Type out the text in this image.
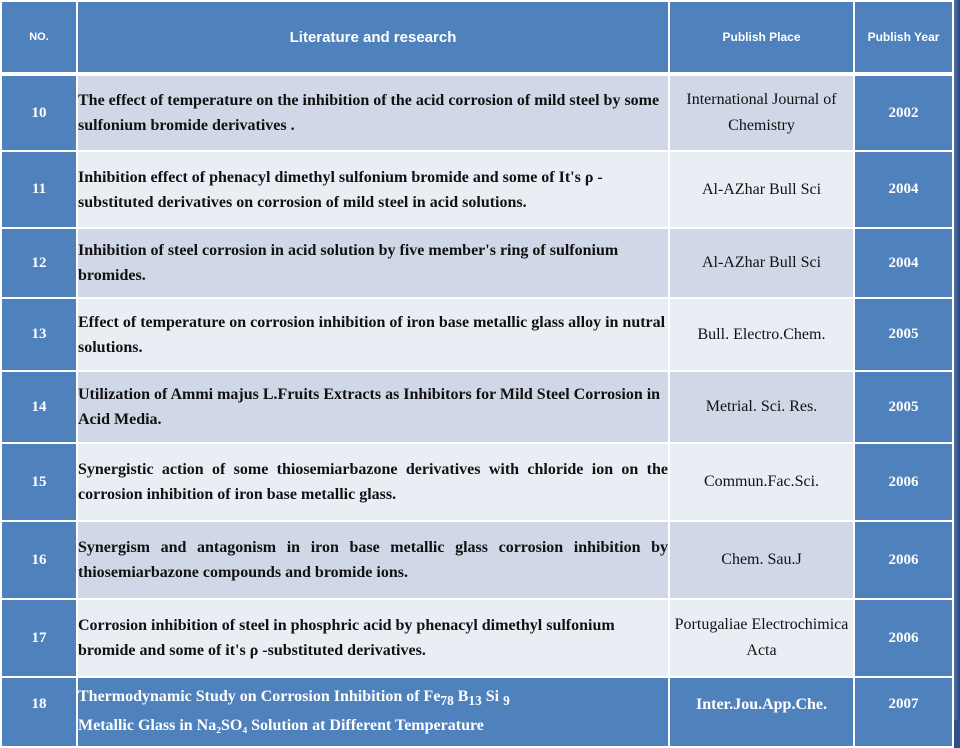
NO.	Literature and research	Publish Place	Publish Year
10	The effect of temperature on the inhibition of the acid corrosion of mild steel by some sulfonium bromide derivatives .	International Journal of Chemistry	2002
11	Inhibition effect of phenacyl dimethyl sulfonium bromide and some of It's ρ -substituted derivatives on corrosion of mild steel in acid solutions.	Al-AZhar Bull Sci	2004
12	Inhibition of steel corrosion in acid solution by five member's ring of sulfonium bromides.	Al-AZhar Bull Sci	2004
13	Effect of temperature on corrosion inhibition of iron base metallic glass alloy in nutral solutions.	Bull. Electro.Chem.	2005
14	Utilization of Ammi majus L.Fruits Extracts as Inhibitors for Mild Steel Corrosion in Acid Media.	Metrial. Sci. Res.	2005
15	Synergistic action of some thiosemiarbazone derivatives with chloride ion on the corrosion inhibition of iron base metallic glass.	Commun.Fac.Sci.	2006
16	Synergism and antagonism in iron base metallic glass corrosion inhibition by thiosemiarbazone compounds and bromide ions.	Chem. Sau.J	2006
17	Corrosion inhibition of steel in phosphric acid by phenacyl dimethyl sulfonium bromide and some of it's ρ -substituted derivatives.	Portugaliae Electrochimica Acta	2006
18	Thermodynamic Study on Corrosion Inhibition of $Fe_{78}$ $B_{13}$ Si $_9$
Metallic Glass in Na₂SO₄ Solution at Different Temperature	Inter.Jou.App.Che.	2007
